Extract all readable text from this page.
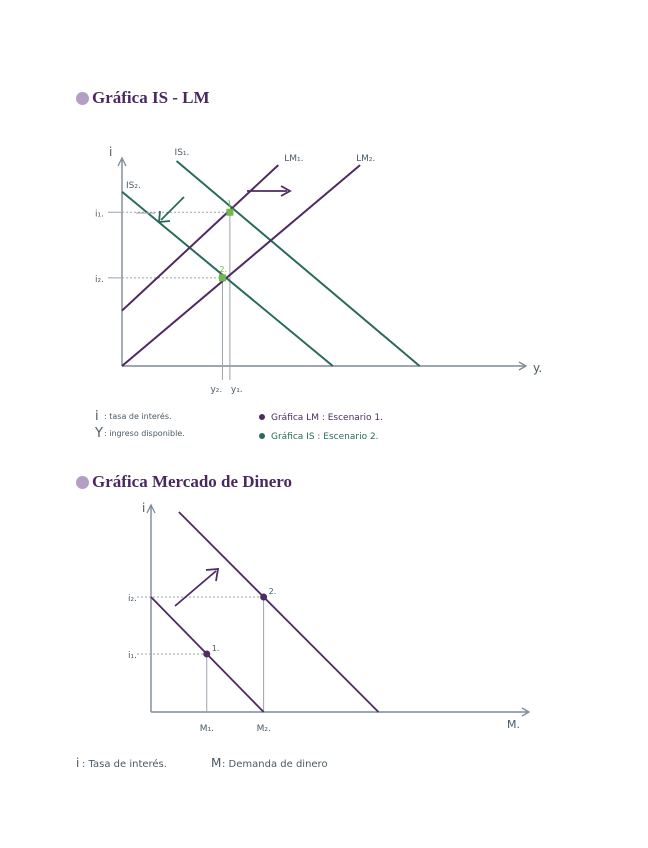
Gráfica IS - LM
Gráfica Mercado de Dinero
y.
i
i₁.
i₂.
y₂. y₁.
IS₁.
IS₂.
LM₁.	LM₂.
1.
2.
i : tasa de interés.
Y : ingreso disponible.
Gráfica LM : Escenario 1.
Gráfica IS : Escenario 2.
M.
i
i₂.
i₁.
M₁.	M₂.
1.
2.
i : Tasa de interés.	M : Demanda de dinero
